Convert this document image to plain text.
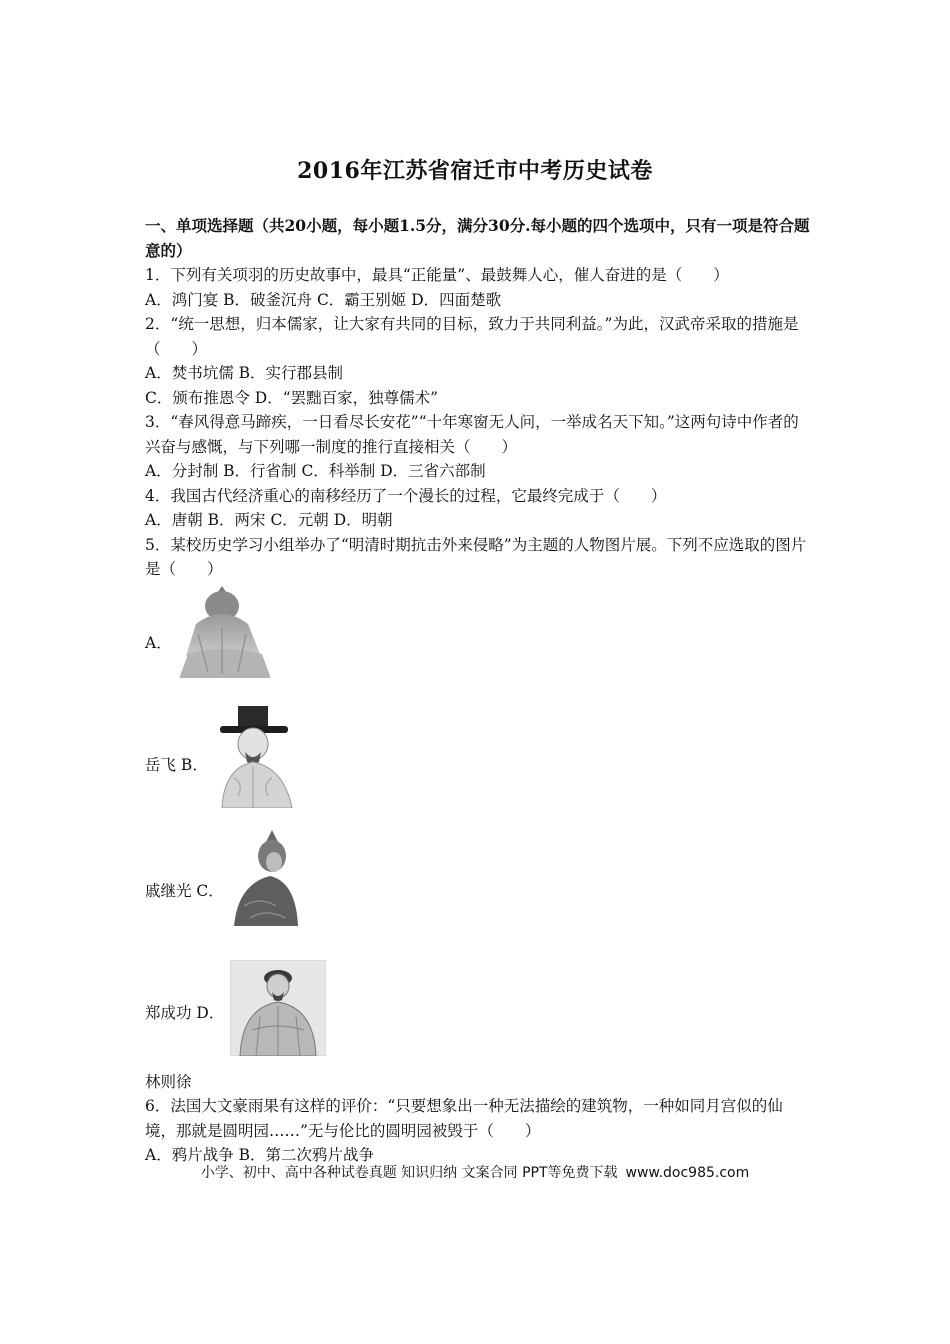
2016年江苏省宿迁市中考历史试卷
一、单项选择题（共20小题，每小题1.5分，满分30分.每小题的四个选项中，只有一项是符合题意的）
1．下列有关项羽的历史故事中，最具“正能量”、最鼓舞人心，催人奋进的是（　　）
A．鸿门宴 B．破釜沉舟 C．霸王别姬 D．四面楚歌
2．“统一思想，归本儒家，让大家有共同的目标，致力于共同利益。”为此，汉武帝采取的措施是（　　）
A．焚书坑儒 B．实行郡县制
C．颁布推恩令 D．“罢黜百家，独尊儒术”
3．“春风得意马蹄疾，一日看尽长安花”“十年寒窗无人问，一举成名天下知。”这两句诗中作者的兴奋与感慨，与下列哪一制度的推行直接相关（　　）
A．分封制 B．行省制 C．科举制 D．三省六部制
4．我国古代经济重心的南移经历了一个漫长的过程，它最终完成于（　　）
A．唐朝 B．两宋 C．元朝 D．明朝
5．某校历史学习小组举办了“明清时期抗击外来侵略”为主题的人物图片展。下列不应选取的图片是（　　）
A．
岳飞 B．
戚继光 C．
郑成功 D．
林则徐
6．法国大文豪雨果有这样的评价：“只要想象出一种无法描绘的建筑物，一种如同月宫似的仙境，那就是圆明园……”无与伦比的圆明园被毁于（　　）
A．鸦片战争 B．第二次鸦片战争
小学、初中、高中各种试卷真题 知识归纳 文案合同 PPT等免费下载 www.doc985.com
